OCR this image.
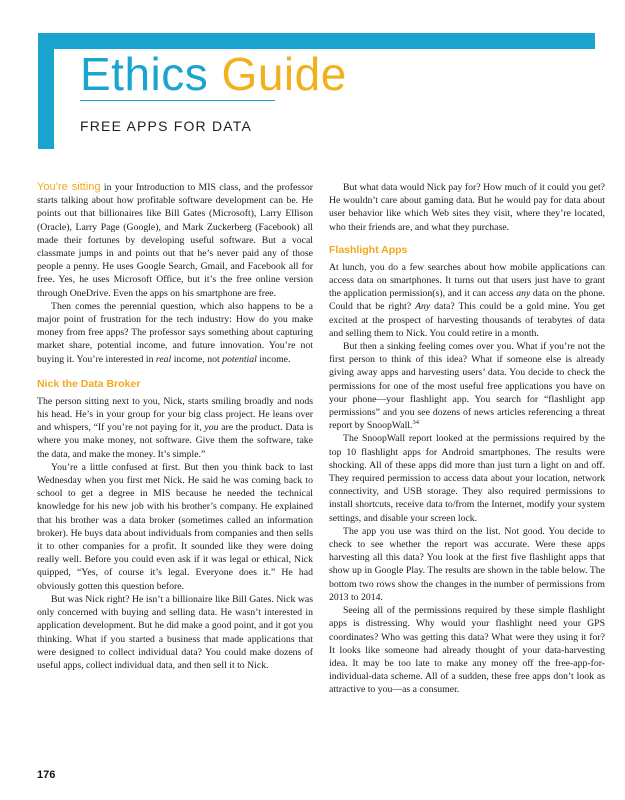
Ethics Guide
FREE APPS FOR DATA

You’re sitting in your Introduction to MIS class, and the professor starts talking about how profitable software development can be. He points out that billionaires like Bill Gates (Microsoft), Larry Ellison (Oracle), Larry Page (Google), and Mark Zuckerberg (Facebook) all made their fortunes by developing useful software. But a vocal classmate jumps in and points out that he’s never paid any of those people a penny. He uses Google Search, Gmail, and Facebook all for free. Yes, he uses Microsoft Office, but it’s the free online version through OneDrive. Even the apps on his smartphone are free.

Then comes the perennial question, which also happens to be a major point of frustration for the tech industry: How do you make money from free apps? The professor says something about capturing market share, potential income, and future innovation. You’re not buying it. You’re interested in real income, not potential income.

Nick the Data Broker

The person sitting next to you, Nick, starts smiling broadly and nods his head. He’s in your group for your big class project. He leans over and whispers, “If you’re not paying for it, you are the product. Data is where you make money, not software. Give them the software, take the data, and make the money. It’s simple.”

You’re a little confused at first. But then you think back to last Wednesday when you first met Nick. He said he was coming back to school to get a degree in MIS because he needed the technical knowledge for his new job with his brother’s company. He explained that his brother was a data broker (sometimes called an information broker). He buys data about individuals from companies and then sells it to other companies for a profit. It sounded like they were doing really well. Before you could even ask if it was legal or ethical, Nick quipped, “Yes, of course it’s legal. Everyone does it.” He had obviously gotten this question before.

But was Nick right? He isn’t a billionaire like Bill Gates. Nick was only concerned with buying and selling data. He wasn’t interested in application development. But he did make a good point, and it got you thinking. What if you started a business that made applications that were designed to collect individual data? You could make dozens of useful apps, collect individual data, and then sell it to Nick.

But what data would Nick pay for? How much of it could you get? He wouldn’t care about gaming data. But he would pay for data about user behavior like which Web sites they visit, where they’re located, who their friends are, and what they purchase.

Flashlight Apps

At lunch, you do a few searches about how mobile applications can access data on smartphones. It turns out that users just have to grant the application permission(s), and it can access any data on the phone. Could that be right? Any data? This could be a gold mine. You get excited at the prospect of harvesting thousands of terabytes of data and selling them to Nick. You could retire in a month.

But then a sinking feeling comes over you. What if you’re not the first person to think of this idea? What if someone else is already giving away apps and harvesting users’ data. You decide to check the permissions for one of the most useful free applications you have on your phone—your flashlight app. You search for “flashlight app permissions” and you see dozens of news articles referencing a threat report by SnoopWall.$^{34}$

The SnoopWall report looked at the permissions required by the top 10 flashlight apps for Android smartphones. The results were shocking. All of these apps did more than just turn a light on and off. They required permission to access data about your location, network connectivity, and USB storage. They also required permissions to install shortcuts, receive data to/from the Internet, modify your system settings, and disable your screen lock.

The app you use was third on the list. Not good. You decide to check to see whether the report was accurate. Were these apps harvesting all this data? You look at the first five flashlight apps that show up in Google Play. The results are shown in the table below. The bottom two rows show the changes in the number of permissions from 2013 to 2014.

Seeing all of the permissions required by these simple flashlight apps is distressing. Why would your flashlight need your GPS coordinates? Who was getting this data? What were they using it for? It looks like someone had already thought of your data-harvesting idea. It may be too late to make any money off the free-app-for-individual-data scheme. All of a sudden, these free apps don’t look as attractive to you—as a consumer.

176
